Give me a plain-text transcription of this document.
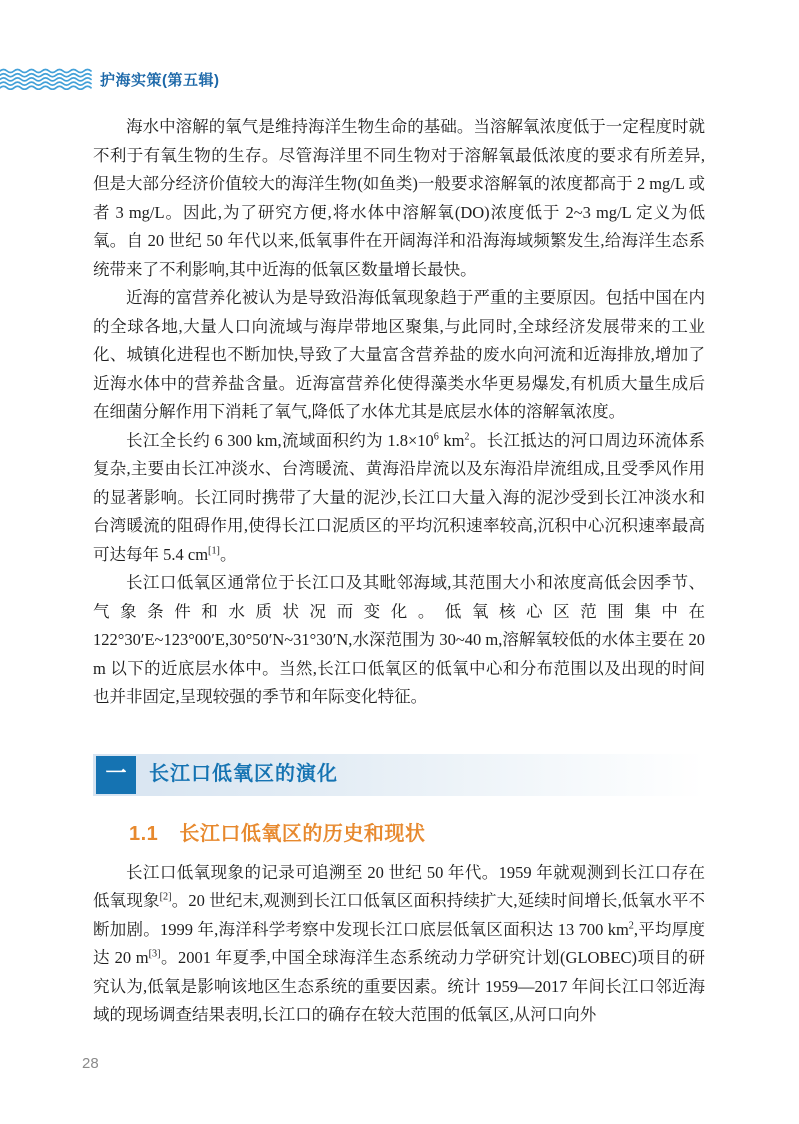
护海实策(第五辑)

海水中溶解的氧气是维持海洋生物生命的基础。当溶解氧浓度低于一定程度时就不利于有氧生物的生存。尽管海洋里不同生物对于溶解氧最低浓度的要求有所差异,但是大部分经济价值较大的海洋生物(如鱼类)一般要求溶解氧的浓度都高于 2 mg/L 或者 3 mg/L。因此,为了研究方便,将水体中溶解氧(DO)浓度低于 2~3 mg/L 定义为低氧。自 20 世纪 50 年代以来,低氧事件在开阔海洋和沿海海域频繁发生,给海洋生态系统带来了不利影响,其中近海的低氧区数量增长最快。

近海的富营养化被认为是导致沿海低氧现象趋于严重的主要原因。包括中国在内的全球各地,大量人口向流域与海岸带地区聚集,与此同时,全球经济发展带来的工业化、城镇化进程也不断加快,导致了大量富含营养盐的废水向河流和近海排放,增加了近海水体中的营养盐含量。近海富营养化使得藻类水华更易爆发,有机质大量生成后在细菌分解作用下消耗了氧气,降低了水体尤其是底层水体的溶解氧浓度。

长江全长约 6 300 km,流域面积约为 $1.8\times 10^6$ $km^2$。长江抵达的河口周边环流体系复杂,主要由长江冲淡水、台湾暖流、黄海沿岸流以及东海沿岸流组成,且受季风作用的显著影响。长江同时携带了大量的泥沙,长江口大量入海的泥沙受到长江冲淡水和台湾暖流的阻碍作用,使得长江口泥质区的平均沉积速率较高,沉积中心沉积速率最高可达每年 5.4 cm[1]。

长江口低氧区通常位于长江口及其毗邻海域,其范围大小和浓度高低会因季节、气象条件和水质状况而变化。低氧核心区范围集中在 122°30′E~123°00′E,30°50′N~31°30′N,水深范围为 30~40 m,溶解氧较低的水体主要在 20 m 以下的近底层水体中。当然,长江口低氧区的低氧中心和分布范围以及出现的时间也并非固定,呈现较强的季节和年际变化特征。

一 长江口低氧区的演化
1.1 长江口低氧区的历史和现状

长江口低氧现象的记录可追溯至 20 世纪 50 年代。1959 年就观测到长江口存在低氧现象[2]。20 世纪末,观测到长江口低氧区面积持续扩大,延续时间增长,低氧水平不断加剧。1999 年,海洋科学考察中发现长江口底层低氧区面积达 13 700 $km^2$,平均厚度达 20 m[3]。2001 年夏季,中国全球海洋生态系统动力学研究计划(GLOBEC)项目的研究认为,低氧是影响该地区生态系统的重要因素。统计 1959—2017 年间长江口邻近海域的现场调查结果表明,长江口的确存在较大范围的低氧区,从河口向外

28
